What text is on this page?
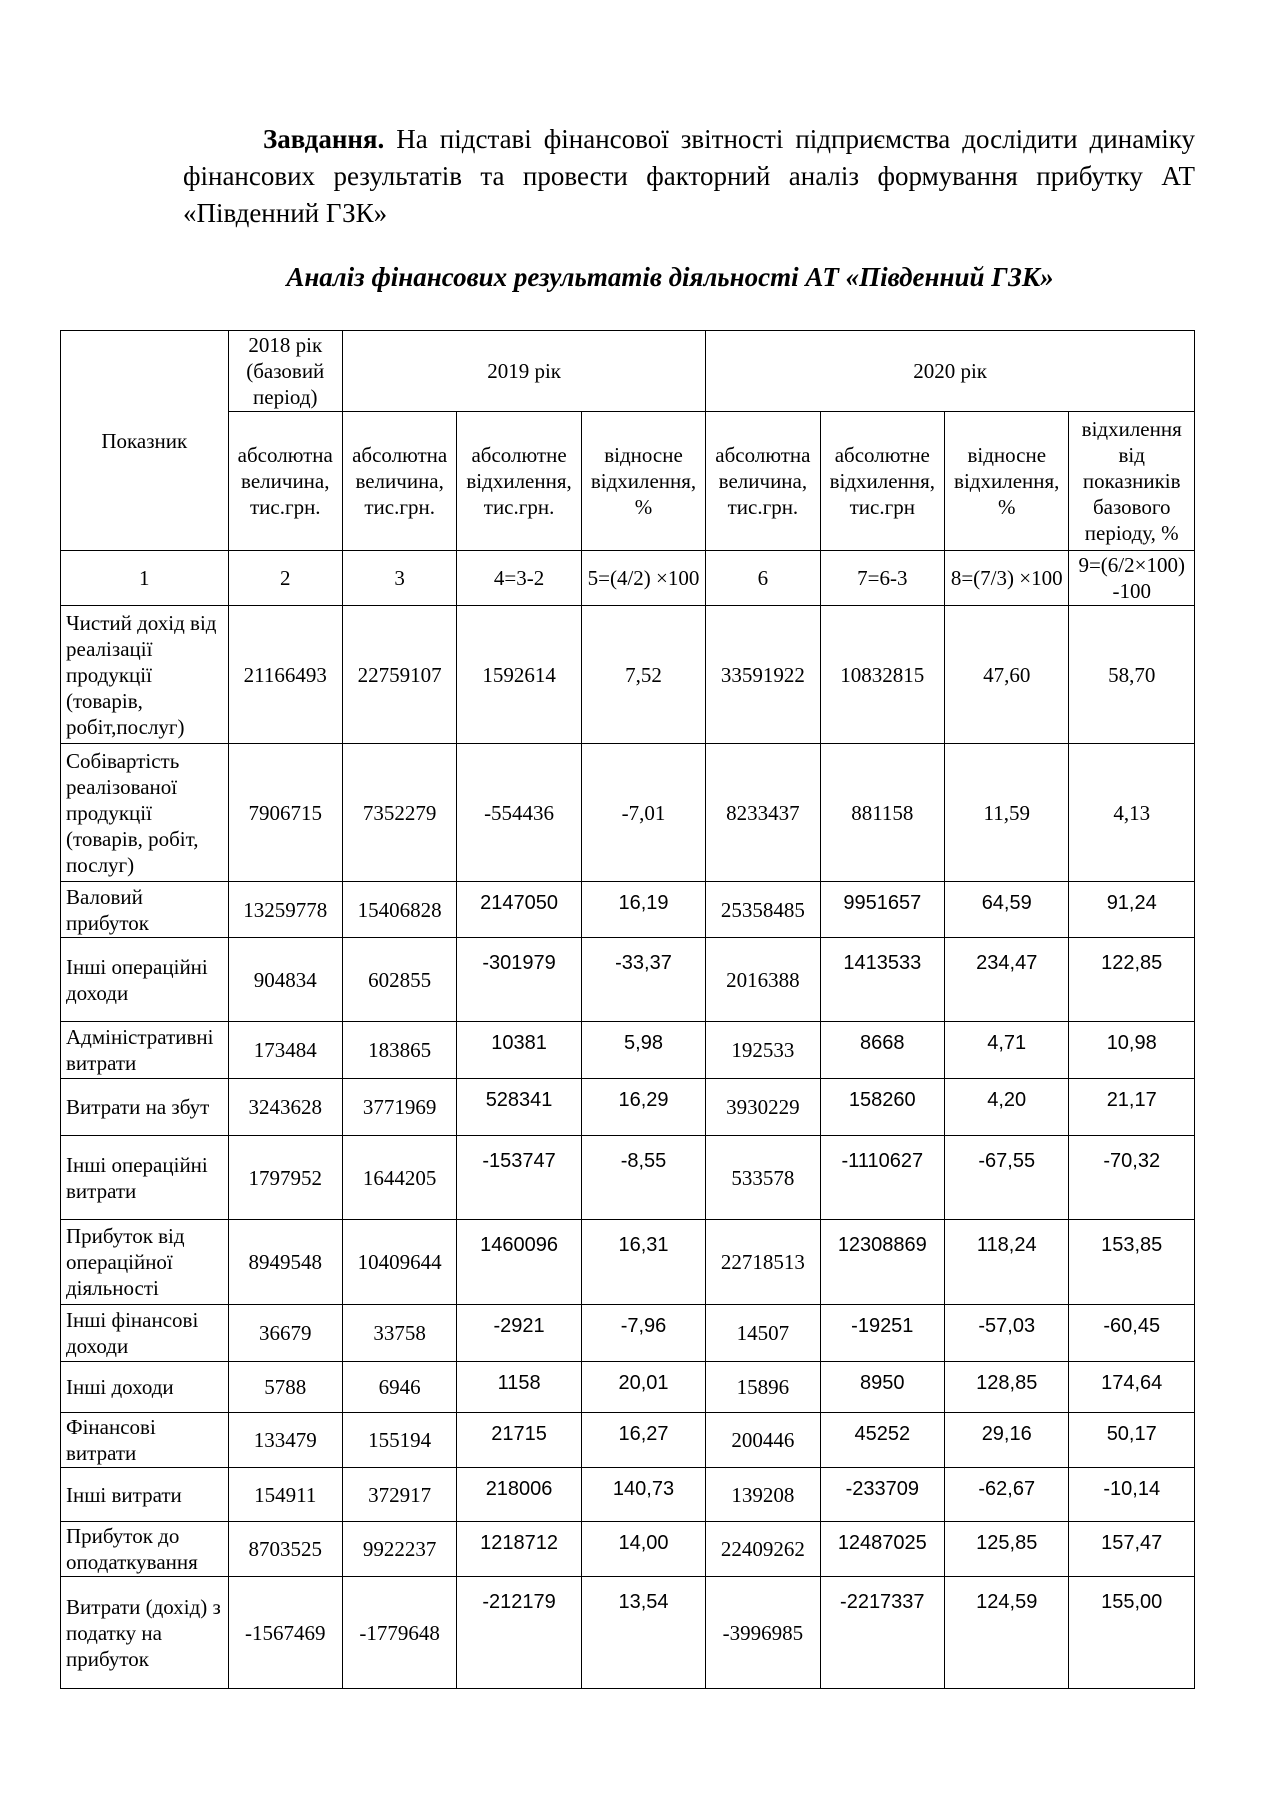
Завдання. На підставі фінансової звітності підприємства дослідити динаміку фінансових результатів та провести факторний аналіз формування прибутку АТ «Південний ГЗК»

Аналіз фінансових результатів діяльності АТ «Південний ГЗК»

Показник	2018 рік (базовий період)	2019 рік			2020 рік			
	абсолютна величина, тис.грн.	абсолютна величина, тис.грн.	абсолютне відхилення, тис.грн.	відносне відхилення, %	абсолютна величина, тис.грн.	абсолютне відхилення, тис.грн	відносне відхилення, %	відхилення від показників базового періоду, %
1	2	3	4=3-2	5=(4/2) ×100	6	7=6-3	8=(7/3) ×100	9=(6/2×100) -100
Чистий дохід від реалізації продукції (товарів, робіт,послуг)	21166493	22759107	1592614	7,52	33591922	10832815	47,60	58,70
Собівартість реалізованої продукції (товарів, робіт, послуг)	7906715	7352279	-554436	-7,01	8233437	881158	11,59	4,13
Валовий прибуток	13259778	15406828	2147050	16,19	25358485	9951657	64,59	91,24
Інші операційні доходи	904834	602855	-301979	-33,37	2016388	1413533	234,47	122,85
Адміністративні витрати	173484	183865	10381	5,98	192533	8668	4,71	10,98
Витрати на збут	3243628	3771969	528341	16,29	3930229	158260	4,20	21,17
Інші операційні витрати	1797952	1644205	-153747	-8,55	533578	-1110627	-67,55	-70,32
Прибуток від операційної діяльності	8949548	10409644	1460096	16,31	22718513	12308869	118,24	153,85
Інші фінансові доходи	36679	33758	-2921	-7,96	14507	-19251	-57,03	-60,45
Інші доходи	5788	6946	1158	20,01	15896	8950	128,85	174,64
Фінансові витрати	133479	155194	21715	16,27	200446	45252	29,16	50,17
Інші витрати	154911	372917	218006	140,73	139208	-233709	-62,67	-10,14
Прибуток до оподаткування	8703525	9922237	1218712	14,00	22409262	12487025	125,85	157,47
Витрати (дохід) з податку на прибуток	-1567469	-1779648	-212179	13,54	-3996985	-2217337	124,59	155,00
